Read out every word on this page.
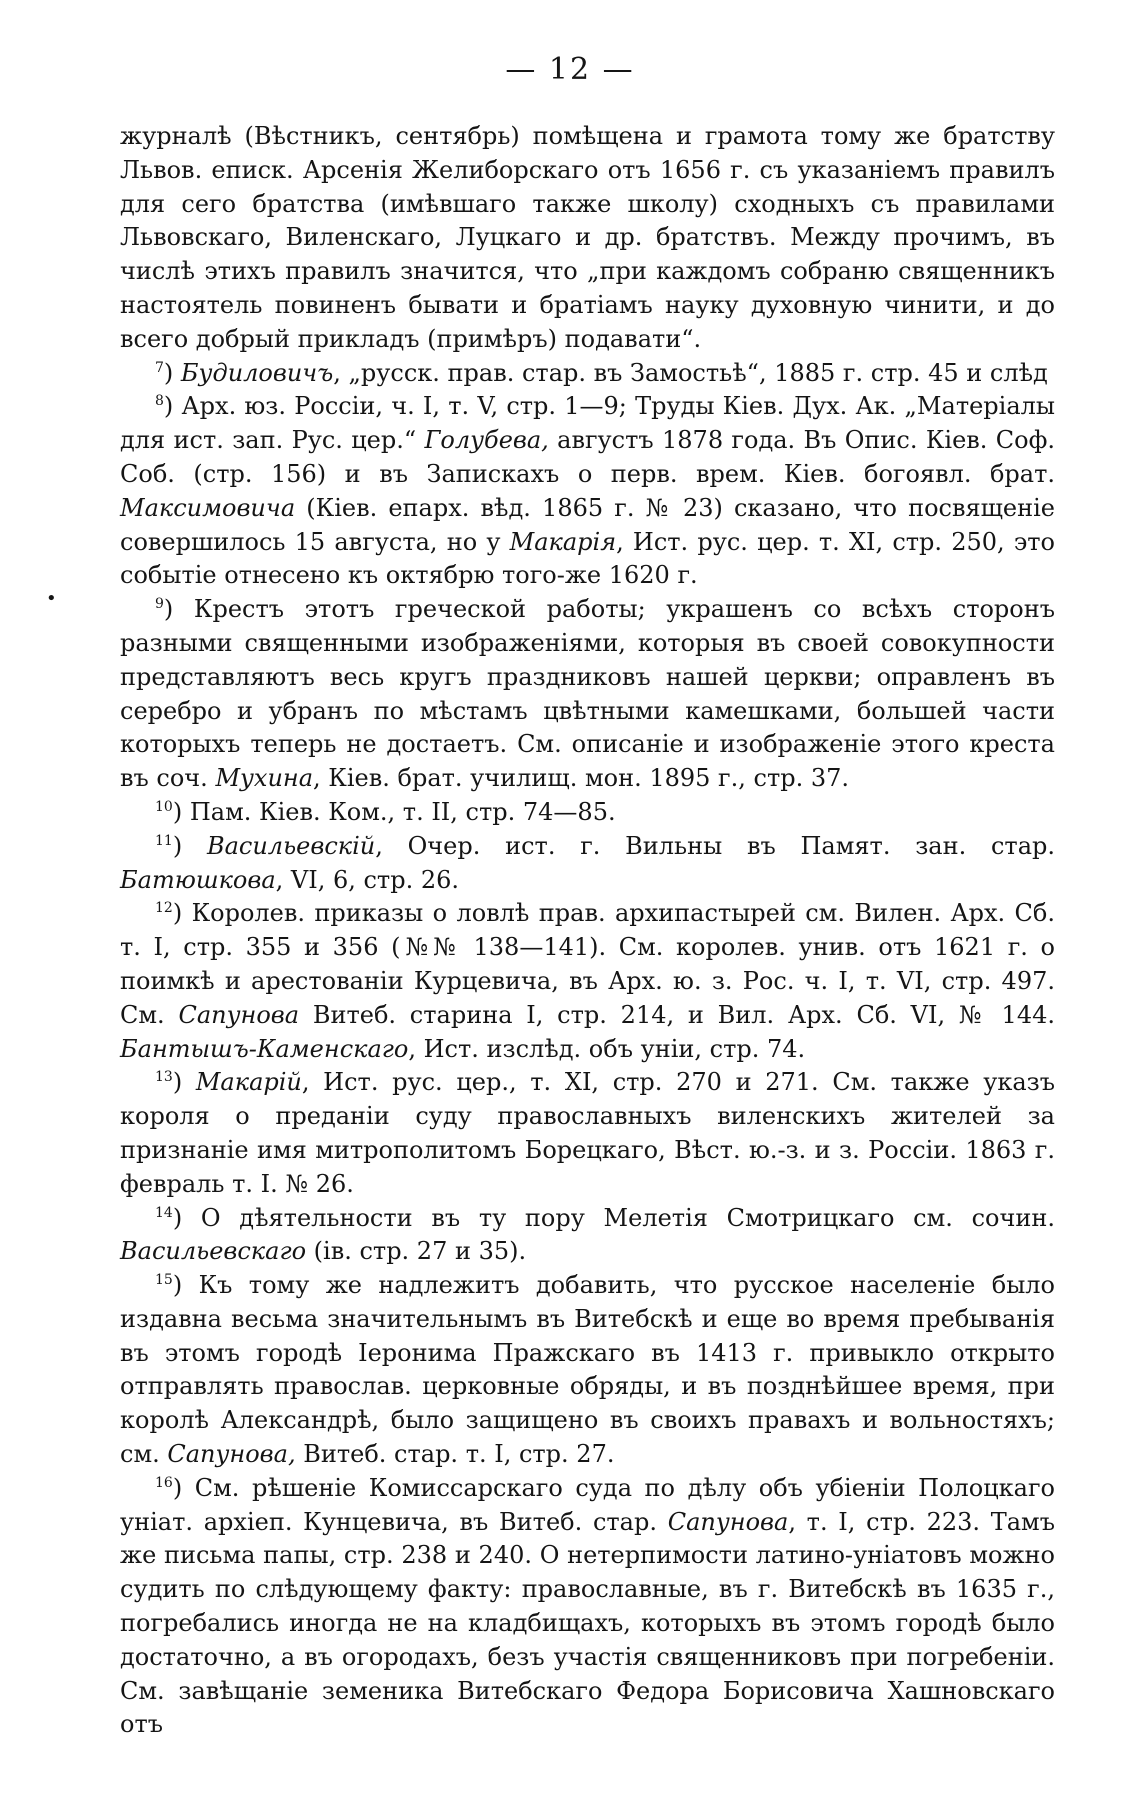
— 12 —
•

журналѣ (Вѣстникъ, сентябрь) помѣщена и грамота тому же братству Львов. еписк. Арсенія Желиборскаго отъ 1656 г. съ указаніемъ правилъ для сего братства (имѣвшаго также школу) сходныхъ съ правилами Львовскаго, Виленскаго, Луцкаго и др. братствъ. Между прочимъ, въ числѣ этихъ правилъ значится, что „при каждомъ собраню священникъ настоятель повиненъ бывати и братіамъ науку духовную чинити, и до всего добрый прикладъ (примѣръ) подавати“.

$^7$) Будиловичъ, „русск. прав. стар. въ Замостьѣ“, 1885 г. стр. 45 и слѣд

$^8$) Арх. юз. Россіи, ч. I, т. V, стр. 1—9; Труды Кіев. Дух. Ак. „Матеріалы для ист. зап. Рус. цер.“ Голубева, августъ 1878 года. Въ Опис. Кіев. Соф. Соб. (стр. 156) и въ Запискахъ о перв. врем. Кіев. богоявл. брат. Максимовича (Кіев. епарх. вѣд. 1865 г. № 23) сказано, что посвященіе совершилось 15 августа, но у Макарія, Ист. рус. цер. т. XI, стр. 250, это событіе отнесено къ октябрю того-же 1620 г.

$^9$) Крестъ этотъ греческой работы; украшенъ со всѣхъ сторонъ разными священными изображеніями, которыя въ своей совокупности представляютъ весь кругъ праздниковъ нашей церкви; оправленъ въ серебро и убранъ по мѣстамъ цвѣтными камешками, большей части которыхъ теперь не достаетъ. См. описаніе и изображеніе этого креста въ соч. Мухина, Кіев. брат. училищ. мон. 1895 г., стр. 37.

$^{10}$) Пам. Кіев. Ком., т. II, стр. 74—85.

$^{11}$) Васильевскій, Очер. ист. г. Вильны въ Памят. зан. стар. Батюшкова, VI, 6, стр. 26.

$^{12}$) Королев. приказы о ловлѣ прав. архипастырей см. Вилен. Арх. Сб. т. I, стр. 355 и 356 (№№ 138—141). См. королев. унив. отъ 1621 г. о поимкѣ и арестованіи Курцевича, въ Арх. ю. з. Рос. ч. I, т. VI, стр. 497. См. Сапунова Витеб. старина I, стр. 214, и Вил. Арх. Сб. VI, № 144. Бантышъ-Каменскаго, Ист. изслѣд. объ уніи, стр. 74.

$^{13}$) Макарій, Ист. рус. цер., т. XI, стр. 270 и 271. См. также указъ короля о преданіи суду православныхъ виленскихъ жителей за признаніе имя митрополитомъ Борецкаго, Вѣст. ю.-з. и з. Россіи. 1863 г. февраль т. I. № 26.

$^{14}$) О дѣятельности въ ту пору Мелетія Смотрицкаго см. сочин. Васильевскаго (ів. стр. 27 и 35).

$^{15}$) Къ тому же надлежитъ добавить, что русское населеніе было издавна весьма значительнымъ въ Витебскѣ и еще во время пребыванія въ этомъ городѣ Іеронима Пражскаго въ 1413 г. привыкло открыто отправлять православ. церковные обряды, и въ позднѣйшее время, при королѣ Александрѣ, было защищено въ своихъ правахъ и вольностяхъ; см. Сапунова, Витеб. стар. т. I, стр. 27.

$^{16}$) См. рѣшеніе Комиссарскаго суда по дѣлу объ убіеніи Полоцкаго уніат. архіеп. Кунцевича, въ Витеб. стар. Сапунова, т. I, стр. 223. Тамъ же письма папы, стр. 238 и 240. О нетерпимости латино-уніатовъ можно судить по слѣдующему факту: православные, въ г. Витебскѣ въ 1635 г., погребались иногда не на кладбищахъ, которыхъ въ этомъ городѣ было достаточно, а въ огородахъ, безъ участія священниковъ при погребеніи. См. завѣщаніе земеника Витебскаго Федора Борисовича Хашновскаго отъ
